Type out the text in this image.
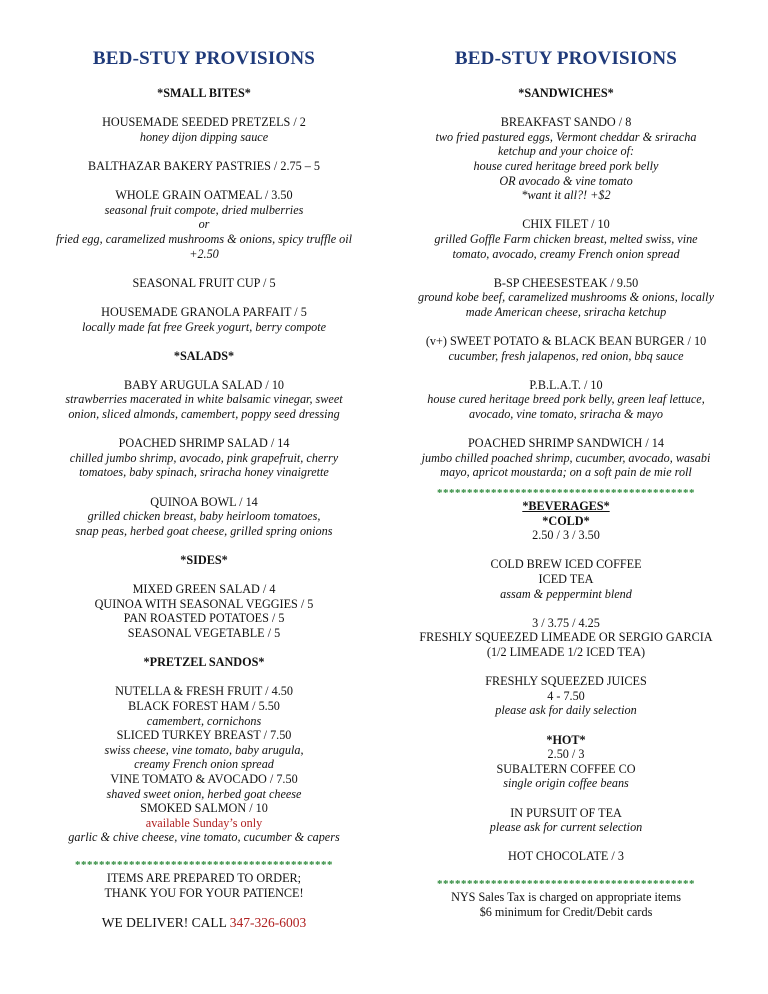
BED-STUY PROVISIONS
*SMALL BITES*
HOUSEMADE SEEDED PRETZELS / 2
honey dijon dipping sauce
BALTHAZAR BAKERY PASTRIES / 2.75 – 5
WHOLE GRAIN OATMEAL / 3.50
seasonal fruit compote, dried mulberries
or
fried egg, caramelized mushrooms & onions, spicy truffle oil
+2.50
SEASONAL FRUIT CUP / 5
HOUSEMADE GRANOLA PARFAIT / 5
locally made fat free Greek yogurt, berry compote
*SALADS*
BABY ARUGULA SALAD / 10
strawberries macerated in white balsamic vinegar, sweet
onion, sliced almonds, camembert, poppy seed dressing
POACHED SHRIMP SALAD / 14
chilled jumbo shrimp, avocado, pink grapefruit, cherry
tomatoes, baby spinach, sriracha honey vinaigrette
QUINOA BOWL / 14
grilled chicken breast, baby heirloom tomatoes,
snap peas, herbed goat cheese, grilled spring onions
*SIDES*
MIXED GREEN SALAD / 4
QUINOA WITH SEASONAL VEGGIES / 5
PAN ROASTED POTATOES / 5
SEASONAL VEGETABLE / 5
*PRETZEL SANDOS*
NUTELLA & FRESH FRUIT / 4.50
BLACK FOREST HAM / 5.50
camembert, cornichons
SLICED TURKEY BREAST / 7.50
swiss cheese, vine tomato, baby arugula,
creamy French onion spread
VINE TOMATO & AVOCADO / 7.50
shaved sweet onion, herbed goat cheese
SMOKED SALMON / 10
available Sunday’s only
garlic & chive cheese, vine tomato, cucumber & capers
*******************************************
ITEMS ARE PREPARED TO ORDER;
THANK YOU FOR YOUR PATIENCE!
WE DELIVER! CALL 347-326-6003
BED-STUY PROVISIONS
*SANDWICHES*
BREAKFAST SANDO / 8
two fried pastured eggs, Vermont cheddar & sriracha
ketchup and your choice of:
house cured heritage breed pork belly
OR avocado & vine tomato
*want it all?! +$2
CHIX FILET / 10
grilled Goffle Farm chicken breast, melted swiss, vine
tomato, avocado, creamy French onion spread
B-SP CHEESESTEAK / 9.50
ground kobe beef, caramelized mushrooms & onions, locally
made American cheese, sriracha ketchup
(v+) SWEET POTATO & BLACK BEAN BURGER / 10
cucumber, fresh jalapenos, red onion, bbq sauce
P.B.L.A.T. / 10
house cured heritage breed pork belly, green leaf lettuce,
avocado, vine tomato, sriracha & mayo
POACHED SHRIMP SANDWICH / 14
jumbo chilled poached shrimp, cucumber, avocado, wasabi
mayo, apricot moustarda; on a soft pain de mie roll
*******************************************
*BEVERAGES*
*COLD*
2.50 / 3 / 3.50
COLD BREW ICED COFFEE
ICED TEA
assam & peppermint blend
3 / 3.75 / 4.25
FRESHLY SQUEEZED LIMEADE OR SERGIO GARCIA
(1/2 LIMEADE 1/2 ICED TEA)
FRESHLY SQUEEZED JUICES
4 - 7.50
please ask for daily selection
*HOT*
2.50 / 3
SUBALTERN COFFEE CO
single origin coffee beans
IN PURSUIT OF TEA
please ask for current selection
HOT CHOCOLATE / 3
*******************************************
NYS Sales Tax is charged on appropriate items
$6 minimum for Credit/Debit cards
